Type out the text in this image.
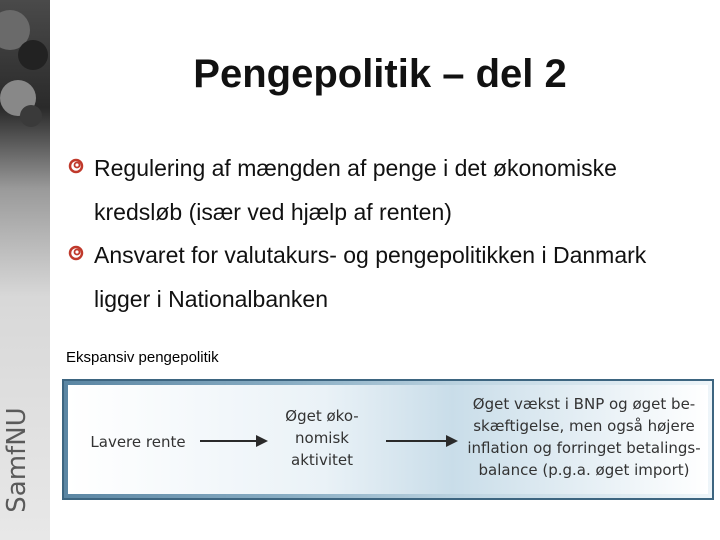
SamfNU
Pengepolitik – del 2
Regulering af mængden af penge i det økonomiske kredsløb (især ved hjælp af renten)
Ansvaret for valutakurs- og pengepolitikken i Danmark ligger i Nationalbanken
Ekspansiv pengepolitik
Lavere rente
Øget øko-
nomisk
aktivitet
Øget vækst i BNP og øget be-
skæftigelse, men også højere
inflation og forringet betalings-
balance (p.g.a. øget import)
